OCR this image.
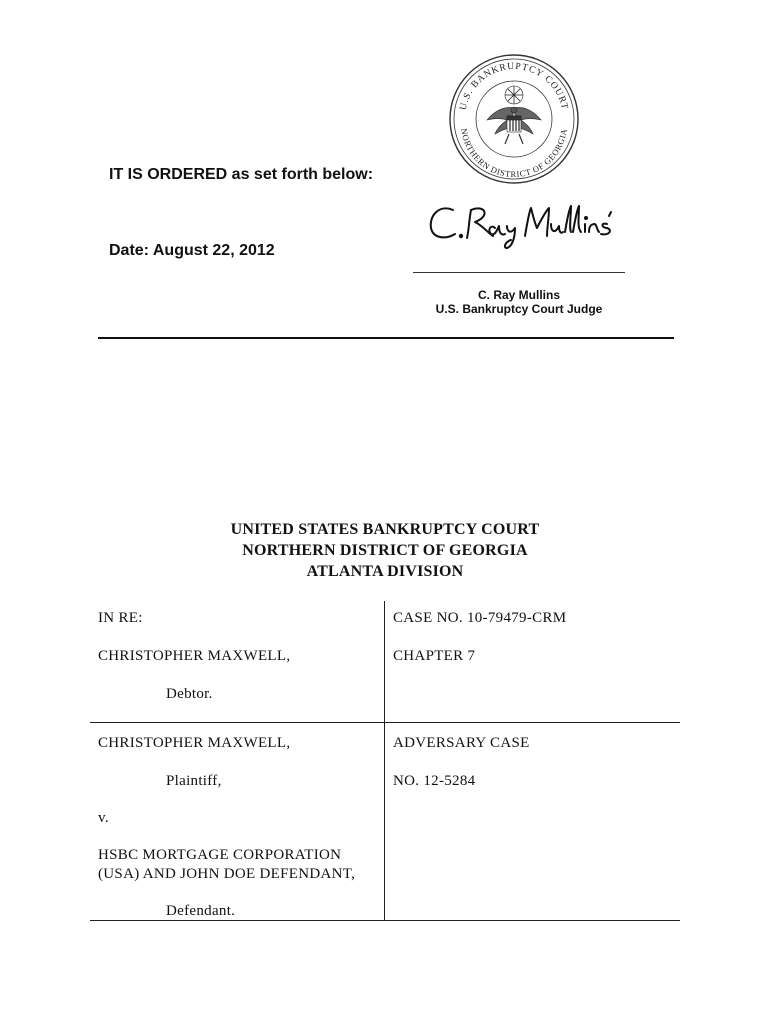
U.S. BANKRUPTCY COURT
NORTHERN DISTRICT OF GEORGIA
IT IS ORDERED as set forth below:
Date: August 22, 2012
C. Ray Mullins
U.S. Bankruptcy Court Judge
UNITED STATES BANKRUPTCY COURT
NORTHERN DISTRICT OF GEORGIA
ATLANTA DIVISION
IN RE:
CHRISTOPHER MAXWELL,
Debtor.
CHRISTOPHER MAXWELL,
Plaintiff,
v.
HSBC MORTGAGE CORPORATION
(USA) AND JOHN DOE DEFENDANT,
Defendant.
CASE NO. 10-79479-CRM
CHAPTER 7
ADVERSARY CASE
NO. 12-5284
